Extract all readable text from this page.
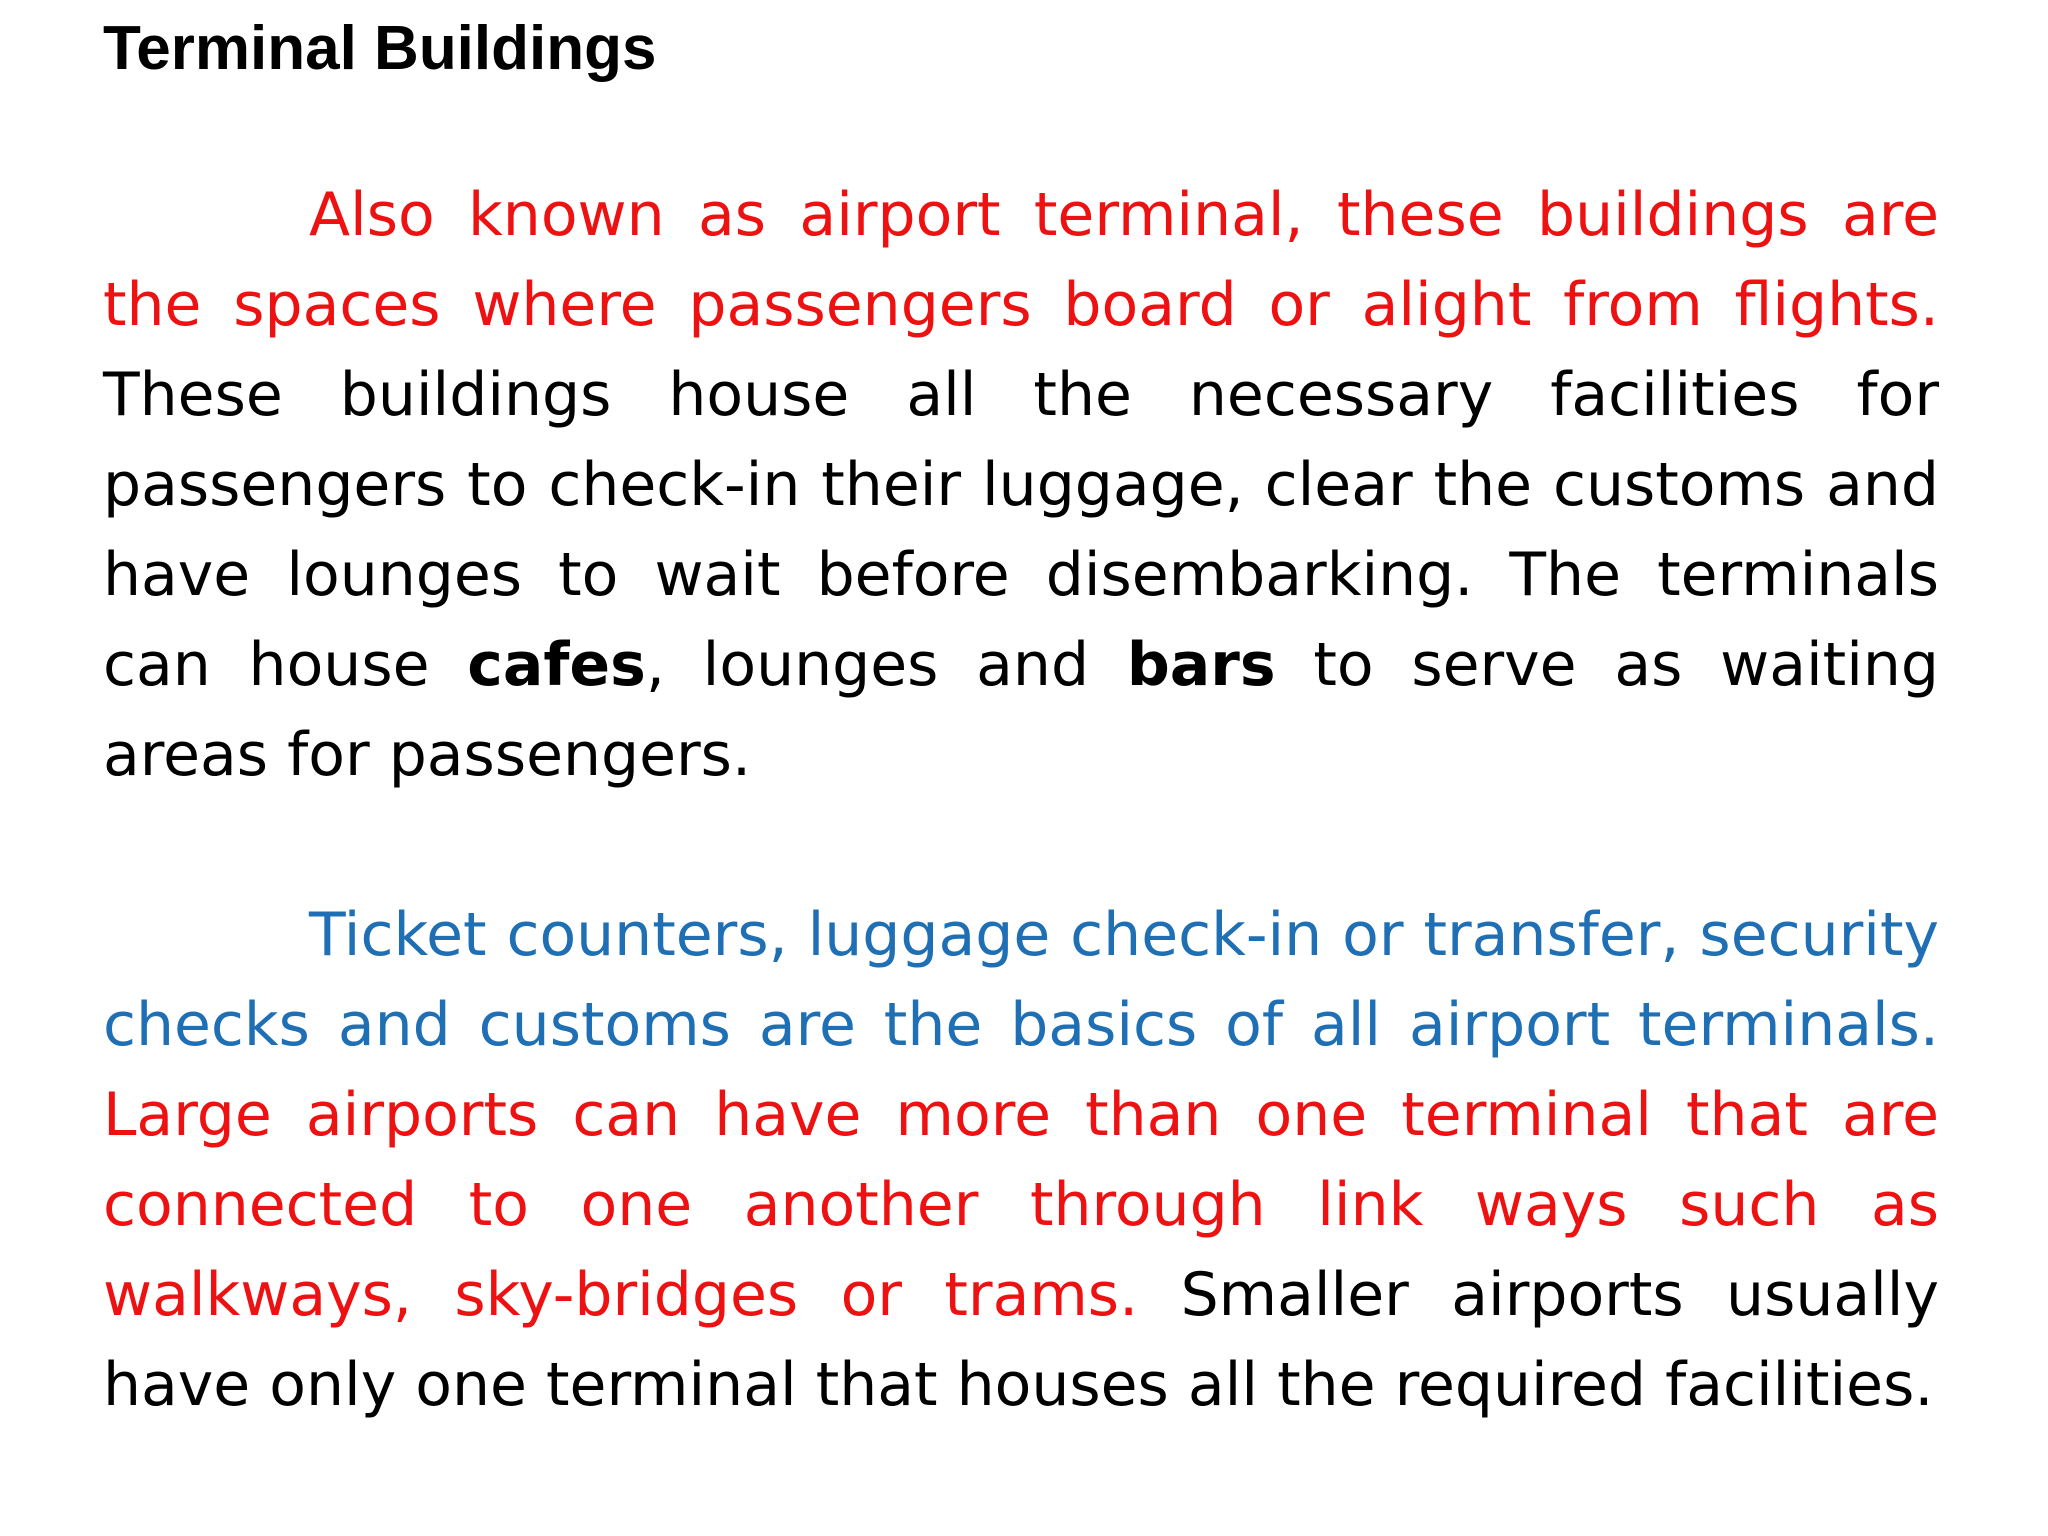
Terminal Buildings

Also known as airport terminal, these buildings are the spaces where passengers board or alight from flights. These buildings house all the necessary facilities for passengers to check-in their luggage, clear the customs and have lounges to wait before disembarking. The terminals can house cafes, lounges and bars to serve as waiting areas for passengers.

Ticket counters, luggage check-in or transfer, security checks and customs are the basics of all airport terminals. Large airports can have more than one terminal that are connected to one another through link ways such as walkways, sky-bridges or trams. Smaller airports usually have only one terminal that houses all the required facilities.
